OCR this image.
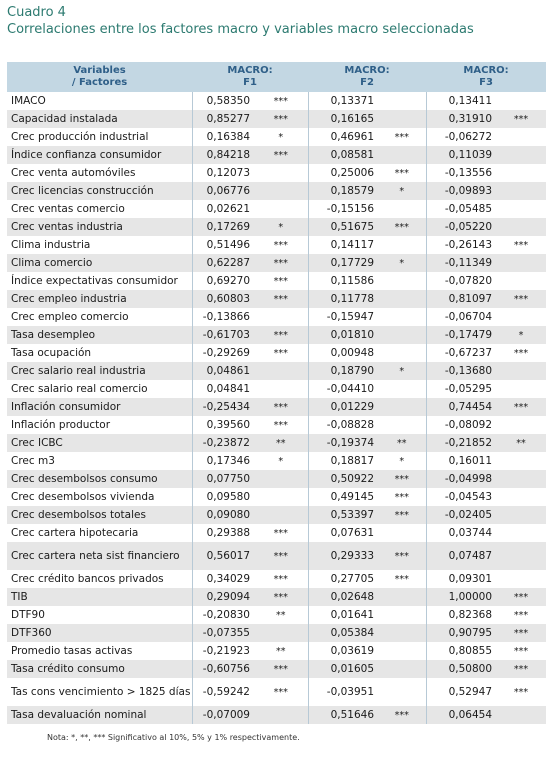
Cuadro 4
Correlaciones entre los factores macro y variables macro seleccionadas
Variables
/ Factores	MACRO:
F1		MACRO:
F2		MACRO:
F3	
IMACO	0,58350	***	0,13371		0,13411	
Capacidad instalada	0,85277	***	0,16165		0,31910	***
Crec producción industrial	0,16384	*	0,46961	***	-0,06272	
Índice confianza consumidor	0,84218	***	0,08581		0,11039	
Crec venta automóviles	0,12073		0,25006	***	-0,13556	
Crec licencias construcción	0,06776		0,18579	*	-0,09893	
Crec ventas comercio	0,02621		-0,15156		-0,05485	
Crec ventas industria	0,17269	*	0,51675	***	-0,05220	
Clima industria	0,51496	***	0,14117		-0,26143	***
Clima comercio	0,62287	***	0,17729	*	-0,11349	
Índice expectativas consumidor	0,69270	***	0,11586		-0,07820	
Crec empleo industria	0,60803	***	0,11778		0,81097	***
Crec empleo comercio	-0,13866		-0,15947		-0,06704	
Tasa desempleo	-0,61703	***	0,01810		-0,17479	*
Tasa ocupación	-0,29269	***	0,00948		-0,67237	***
Crec salario real industria	0,04861		0,18790	*	-0,13680	
Crec salario real comercio	0,04841		-0,04410		-0,05295	
Inflación consumidor	-0,25434	***	0,01229		0,74454	***
Inflación productor	0,39560	***	-0,08828		-0,08092	
Crec ICBC	-0,23872	**	-0,19374	**	-0,21852	**
Crec m3	0,17346	*	0,18817	*	0,16011	
Crec desembolsos consumo	0,07750		0,50922	***	-0,04998	
Crec desembolsos vivienda	0,09580		0,49145	***	-0,04543	
Crec desembolsos totales	0,09080		0,53397	***	-0,02405	
Crec cartera hipotecaria	0,29388	***	0,07631		0,03744	
Crec cartera neta sist financiero	0,56017	***	0,29333	***	0,07487	
Crec crédito bancos privados	0,34029	***	0,27705	***	0,09301	
TIB	0,29094	***	0,02648		1,00000	***
DTF90	-0,20830	**	0,01641		0,82368	***
DTF360	-0,07355		0,05384		0,90795	***
Promedio tasas activas	-0,21923	**	0,03619		0,80855	***
Tasa crédito consumo	-0,60756	***	0,01605		0,50800	***
Tas cons vencimiento > 1825 días	-0,59242	***	-0,03951		0,52947	***
Tasa devaluación nominal	-0,07009		0,51646	***	0,06454	
Nota: *, **, *** Significativo al 10%, 5% y 1% respectivamente.
